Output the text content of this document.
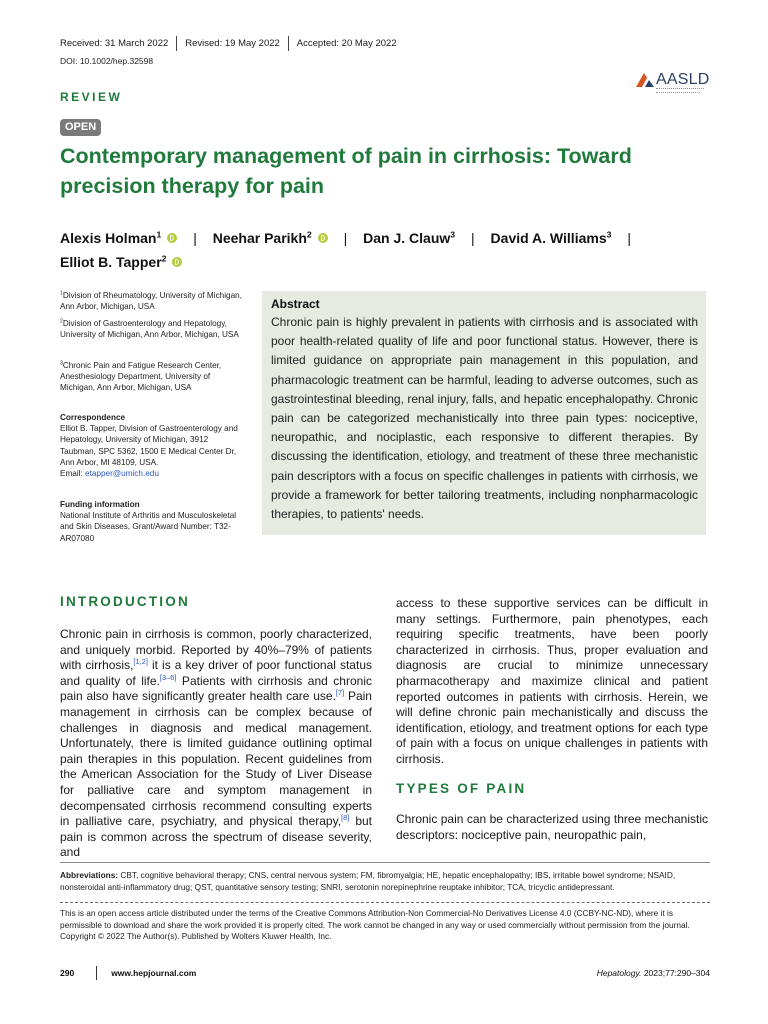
Received: 31 March 2022 Revised: 19 May 2022 Accepted: 20 May 2022
DOI: 10.1002/hep.32598
AASLD
REVIEW
OPEN
Contemporary management of pain in cirrhosis: Toward precision therapy for pain
Alexis Holman$^1$ | Neehar Parikh$^2$ | Dan J. Clauw$^3$ | David A. Williams$^3$ |
Elliot B. Tapper$^2$
$^1$Division of Rheumatology, University of Michigan, Ann Arbor, Michigan, USA
$^2$Division of Gastroenterology and Hepatology, University of Michigan, Ann Arbor, Michigan, USA
$^3$Chronic Pain and Fatigue Research Center, Anesthesiology Department, University of Michigan, Ann Arbor, Michigan, USA
Correspondence
Elliot B. Tapper, Division of Gastroenterology and Hepatology, University of Michigan, 3912 Taubman, SPC 5362, 1500 E Medical Center Dr, Ann Arbor, MI 48109, USA.
Email: etapper@umich.edu
Funding information
National Institute of Arthritis and Musculoskeletal and Skin Diseases, Grant/Award Number: T32-AR07080
Abstract

Chronic pain is highly prevalent in patients with cirrhosis and is associated with poor health-related quality of life and poor functional status. However, there is limited guidance on appropriate pain management in this population, and pharmacologic treatment can be harmful, leading to adverse outcomes, such as gastrointestinal bleeding, renal injury, falls, and hepatic encephalopathy. Chronic pain can be categorized mechanistically into three pain types: nociceptive, neuropathic, and nociplastic, each responsive to different therapies. By discussing the identification, etiology, and treatment of these three mechanistic pain descriptors with a focus on specific challenges in patients with cirrhosis, we provide a framework for better tailoring treatments, including nonpharmacologic therapies, to patients' needs.

INTRODUCTION

Chronic pain in cirrhosis is common, poorly characterized, and uniquely morbid. Reported by 40%–79% of patients with cirrhosis,[1,2] it is a key driver of poor functional status and quality of life.[3–6] Patients with cirrhosis and chronic pain also have significantly greater health care use.[7] Pain management in cirrhosis can be complex because of challenges in diagnosis and medical management. Unfortunately, there is limited guidance outlining optimal pain therapies in this population. Recent guidelines from the American Association for the Study of Liver Disease for palliative care and symptom management in decompensated cirrhosis recommend consulting experts in palliative care, psychiatry, and physical therapy,[8] but pain is common across the spectrum of disease severity, and

access to these supportive services can be difficult in many settings. Furthermore, pain phenotypes, each requiring specific treatments, have been poorly characterized in cirrhosis. Thus, proper evaluation and diagnosis are crucial to minimize unnecessary pharmacotherapy and maximize clinical and patient reported outcomes in patients with cirrhosis. Herein, we will define chronic pain mechanistically and discuss the identification, etiology, and treatment options for each type of pain with a focus on unique challenges in patients with cirrhosis.

TYPES OF PAIN
Chronic pain can be characterized using three mechanistic descriptors: nociceptive pain, neuropathic pain,
Abbreviations: CBT, cognitive behavioral therapy; CNS, central nervous system; FM, fibromyalgia; HE, hepatic encephalopathy; IBS, irritable bowel syndrome; NSAID, nonsteroidal anti-inflammatory drug; QST, quantitative sensory testing; SNRI, serotonin norepinephrine reuptake inhibitor; TCA, tricyclic antidepressant.
This is an open access article distributed under the terms of the Creative Commons Attribution-Non Commercial-No Derivatives License 4.0 (CCBY-NC-ND), where it is permissible to download and share the work provided it is properly cited. The work cannot be changed in any way or used commercially without permission from the journal.
Copyright © 2022 The Author(s). Published by Wolters Kluwer Health, Inc.
290	www.hepjournal.com	Hepatology. 2023;77:290–304
